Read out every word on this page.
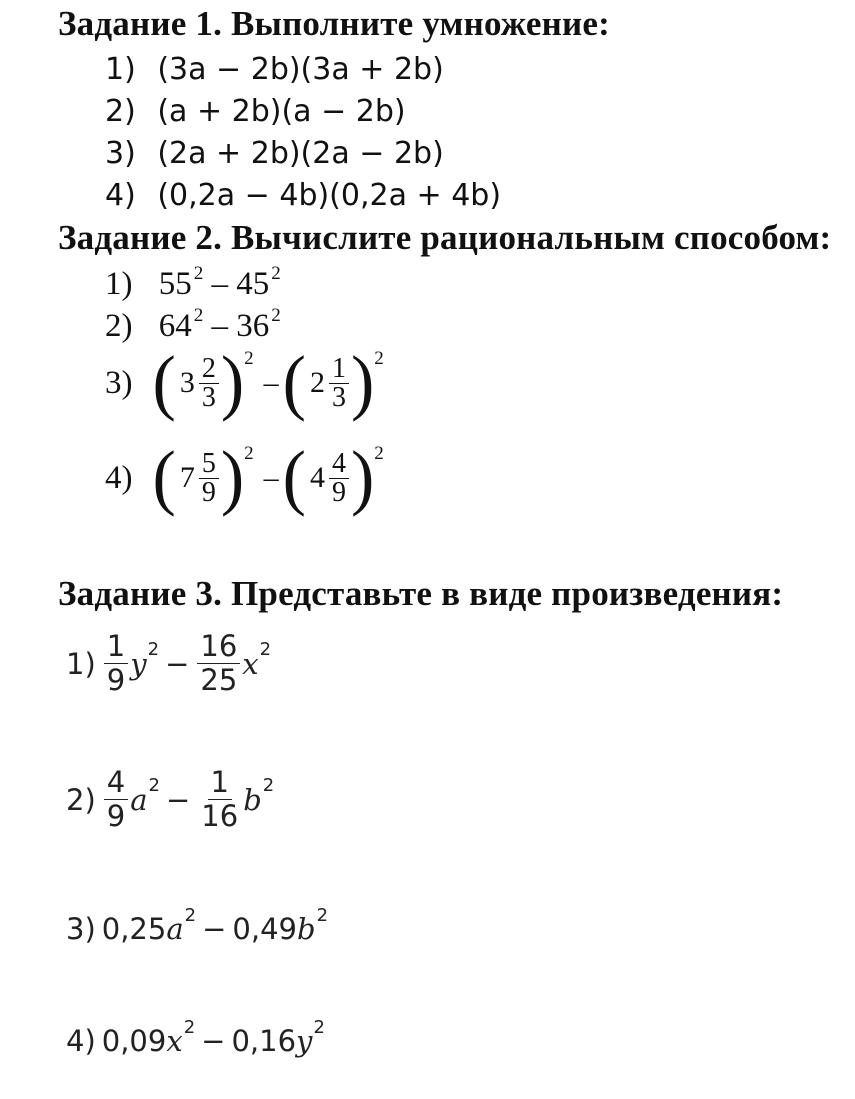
Задание 1. Выполните умножение:
1) (3a − 2b)(3a + 2b)
2) (a + 2b)(a − 2b)
3) (2a + 2b)(2a − 2b)
4) (0,2a − 4b)(0,2a + 4b)
Задание 2. Вычислите рациональным способом:
1) 55 $^2$ – 45 $^2$
2) 64 $^2$ – 36 $^2$
3) ( $3 \frac{2}{3}$ ) 2
– ( $2 \frac{1}{3}$ ) 2
4) ( $7 \frac{5}{9}$ ) 2
– ( $4 \frac{4}{9}$ ) 2
Задание 3. Представьте в виде произведения:
$1) \frac{1}{9}$ y $2 - \frac{16}{25}$ x 2
$2) \frac{4}{9}$ a $2 - \frac{1}{16}$ b 2
3) 0,25 a 2 − 0,49 b 2
4) 0,09 x 2 − 0,16 y 2
